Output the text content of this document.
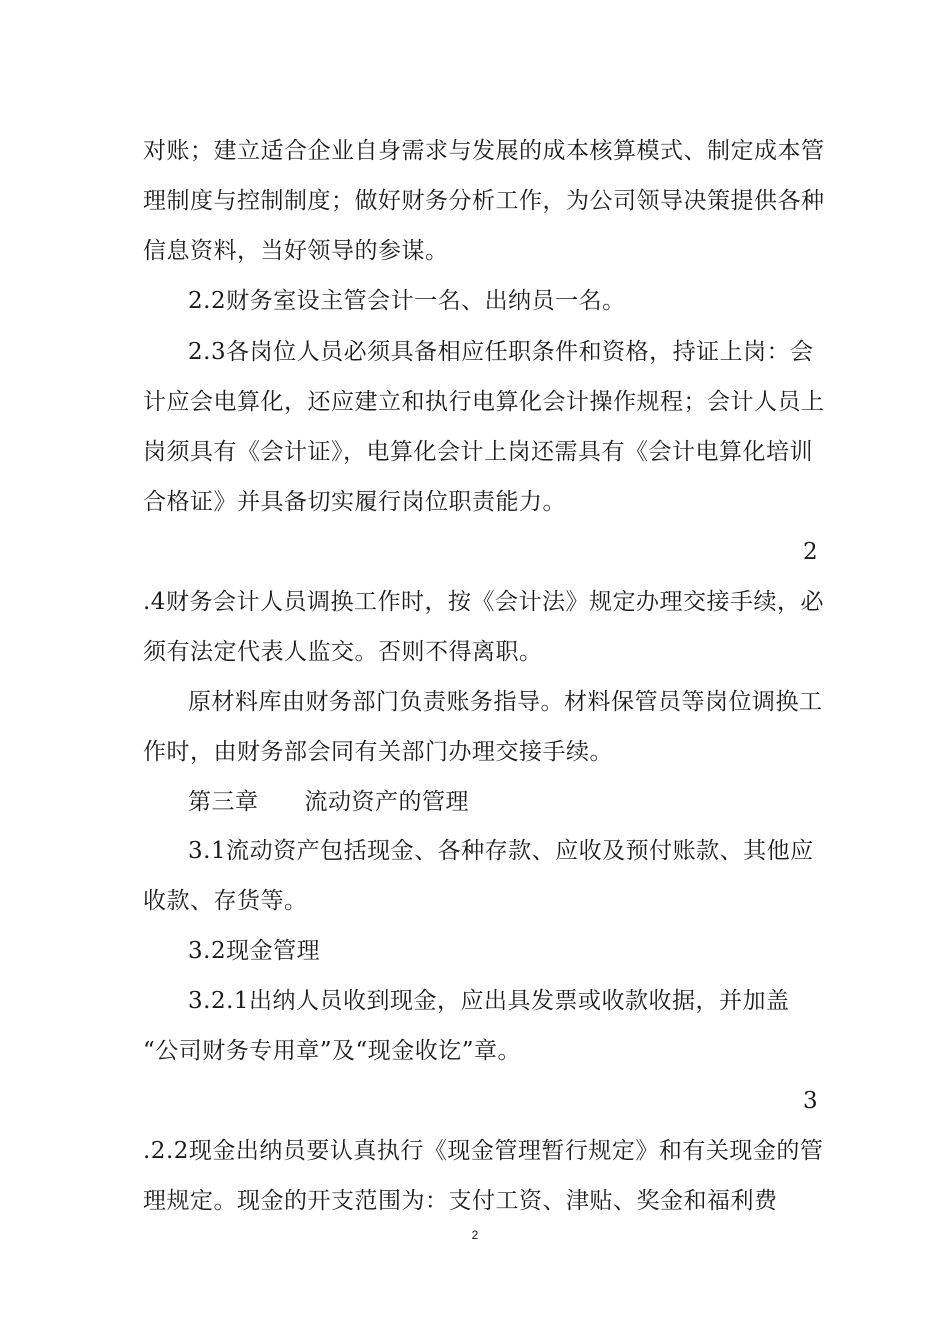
对账；建立适合企业自身需求与发展的成本核算模式、制定成本管
理制度与控制制度；做好财务分析工作，为公司领导决策提供各种
信息资料，当好领导的参谋。
2.2财务室设主管会计一名、出纳员一名。
2.3各岗位人员必须具备相应任职条件和资格，持证上岗：会
计应会电算化，还应建立和执行电算化会计操作规程；会计人员上
岗须具有《会计证》，电算化会计上岗还需具有《会计电算化培训
合格证》并具备切实履行岗位职责能力。
2
.4财务会计人员调换工作时，按《会计法》规定办理交接手续，必
须有法定代表人监交。否则不得离职。
原材料库由财务部门负责账务指导。材料保管员等岗位调换工
作时，由财务部会同有关部门办理交接手续。
第三章 流动资产的管理
3.1流动资产包括现金、各种存款、应收及预付账款、其他应
收款、存货等。
3.2现金管理
3.2.1出纳人员收到现金，应出具发票或收款收据，并加盖
“公司财务专用章”及“现金收讫”章。
3
.2.2现金出纳员要认真执行《现金管理暂行规定》和有关现金的管
理规定。现金的开支范围为：支付工资、津贴、奖金和福利费
2
